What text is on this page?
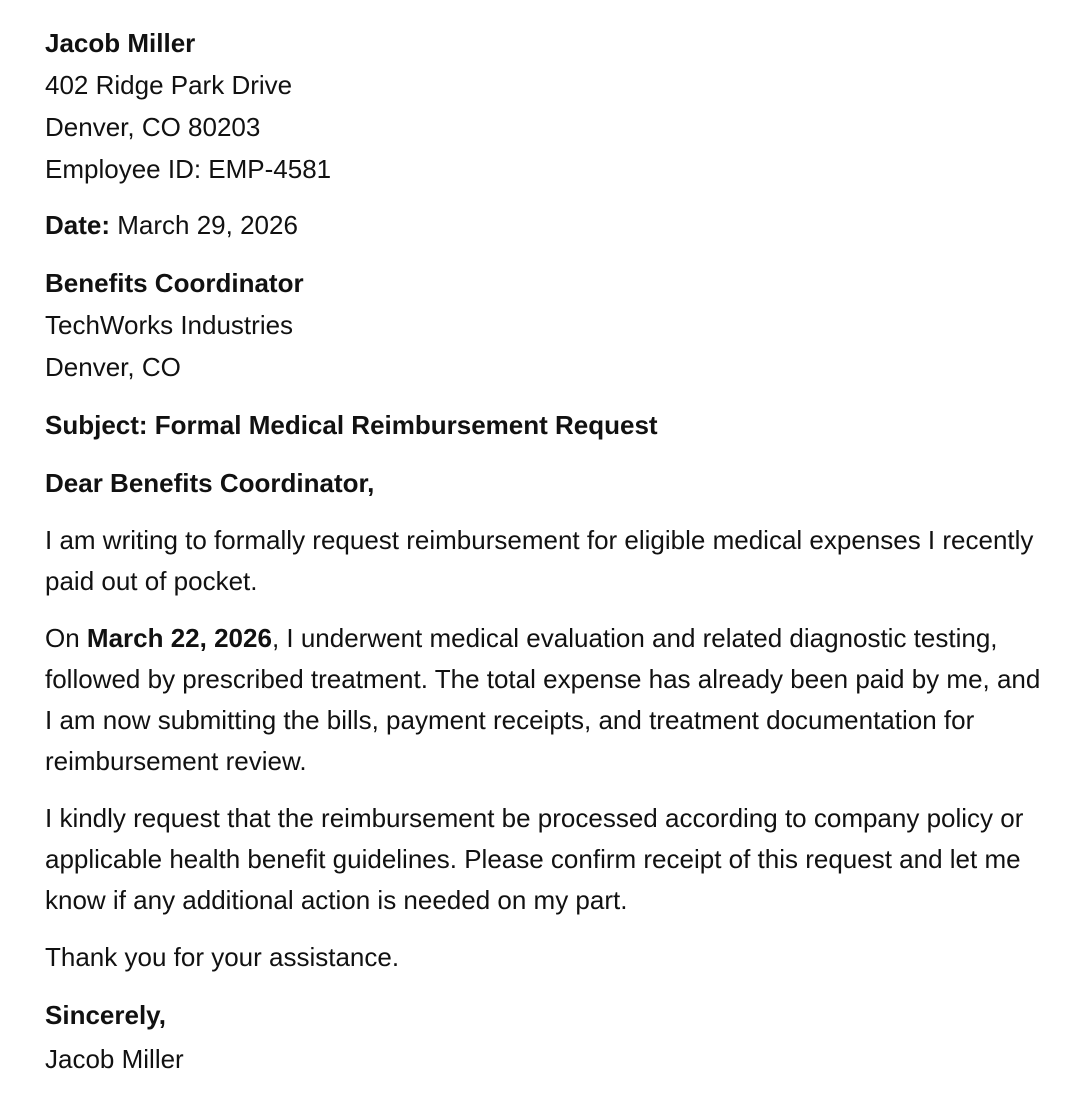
Jacob Miller
402 Ridge Park Drive
Denver, CO 80203
Employee ID: EMP-4581
Date: March 29, 2026
Benefits Coordinator
TechWorks Industries
Denver, CO
Subject: Formal Medical Reimbursement Request
Dear Benefits Coordinator,

I am writing to formally request reimbursement for eligible medical expenses I recently paid out of pocket.

On March 22, 2026, I underwent medical evaluation and related diagnostic testing, followed by prescribed treatment. The total expense has already been paid by me, and I am now submitting the bills, payment receipts, and treatment documentation for reimbursement review.

I kindly request that the reimbursement be processed according to company policy or applicable health benefit guidelines. Please confirm receipt of this request and let me know if any additional action is needed on my part.

Thank you for your assistance.

Sincerely,
Jacob Miller
